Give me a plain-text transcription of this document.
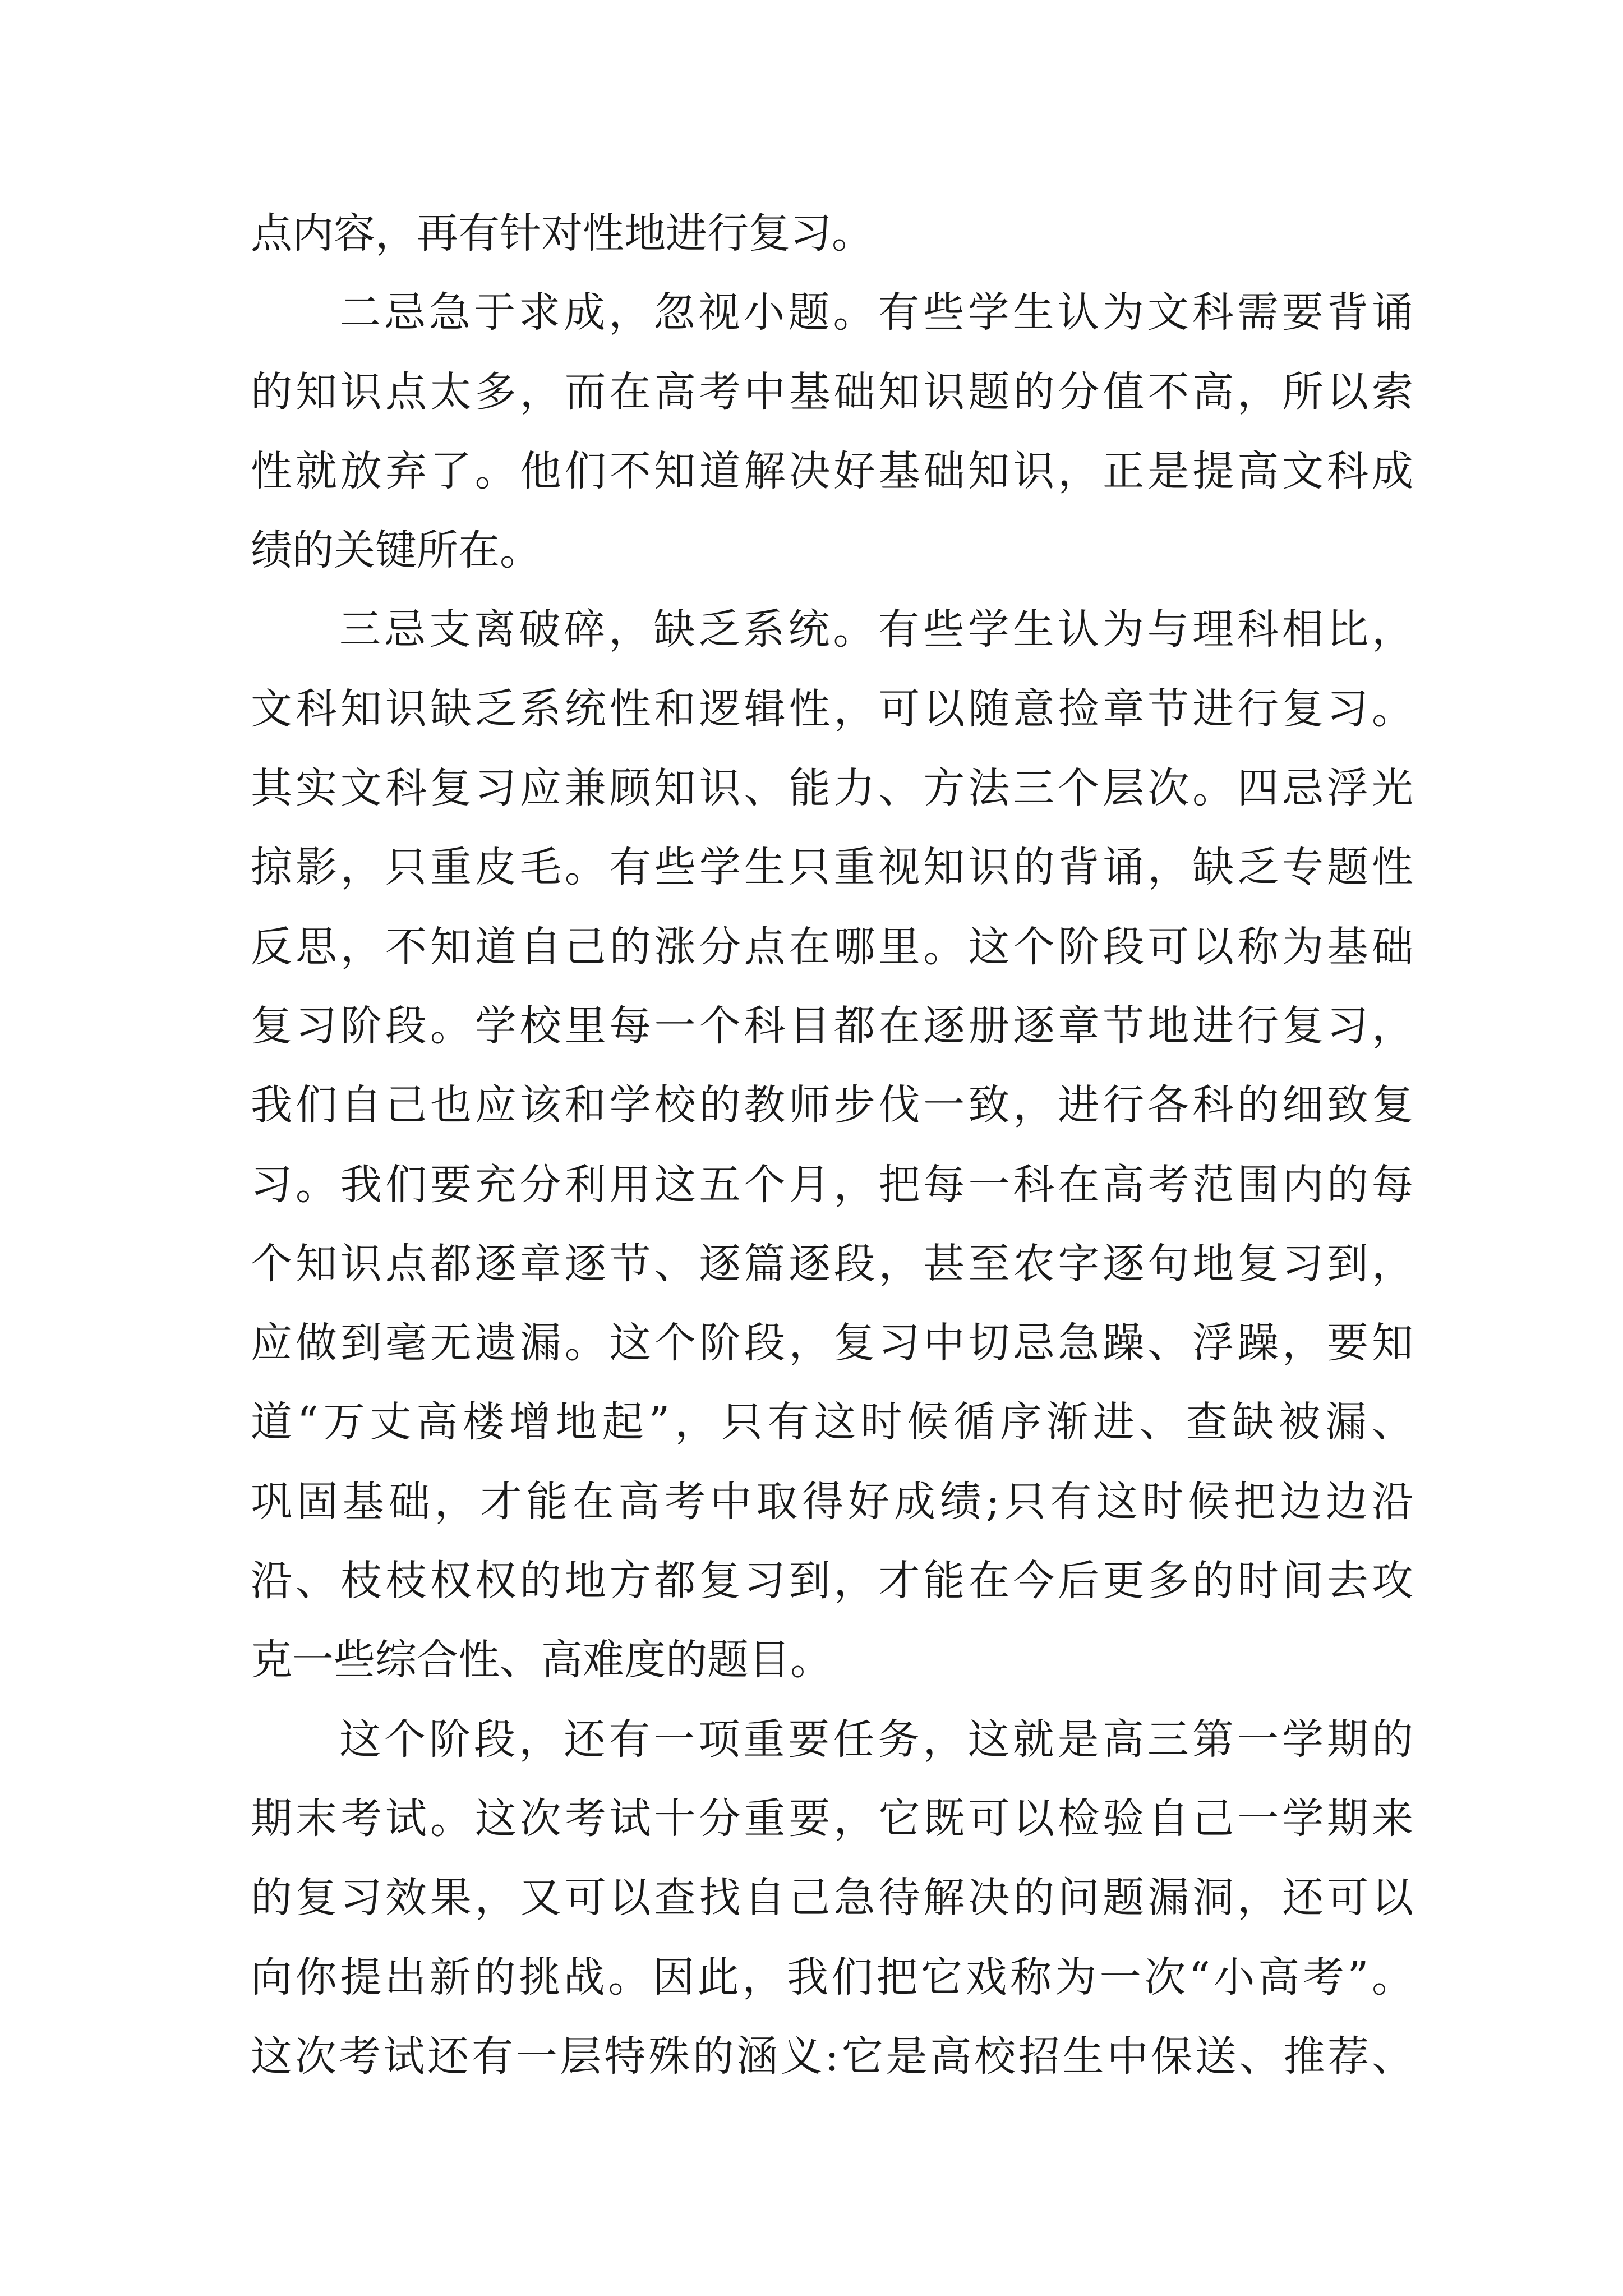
点内容，再有针对性地进行复习。
二忌急于求成，忽视小题。有些学生认为文科需要背诵
的知识点太多，而在高考中基础知识题的分值不高，所以索
性就放弃了。他们不知道解决好基础知识，正是提高文科成
绩的关键所在。
三忌支离破碎，缺乏系统。有些学生认为与理科相比，
文科知识缺乏系统性和逻辑性，可以随意捡章节进行复习。
其实文科复习应兼顾知识、能力、方法三个层次。四忌浮光
掠影，只重皮毛。有些学生只重视知识的背诵，缺乏专题性
反思，不知道自己的涨分点在哪里。这个阶段可以称为基础
复习阶段。学校里每一个科目都在逐册逐章节地进行复习，
我们自己也应该和学校的教师步伐一致，进行各科的细致复
习。我们要充分利用这五个月，把每一科在高考范围内的每
个知识点都逐章逐节、逐篇逐段，甚至农字逐句地复习到，
应做到毫无遗漏。这个阶段，复习中切忌急躁、浮躁，要知
道“万丈高楼增地起”，只有这时候循序渐进、查缺被漏、
巩固基础，才能在高考中取得好成绩;只有这时候把边边沿
沿、枝枝权权的地方都复习到，才能在今后更多的时间去攻
克一些综合性、高难度的题目。
这个阶段，还有一项重要任务，这就是高三第一学期的
期末考试。这次考试十分重要，它既可以检验自己一学期来
的复习效果，又可以查找自己急待解决的问题漏洞，还可以
向你提出新的挑战。因此，我们把它戏称为一次“小高考”。
这次考试还有一层特殊的涵义:它是高校招生中保送、推荐、
